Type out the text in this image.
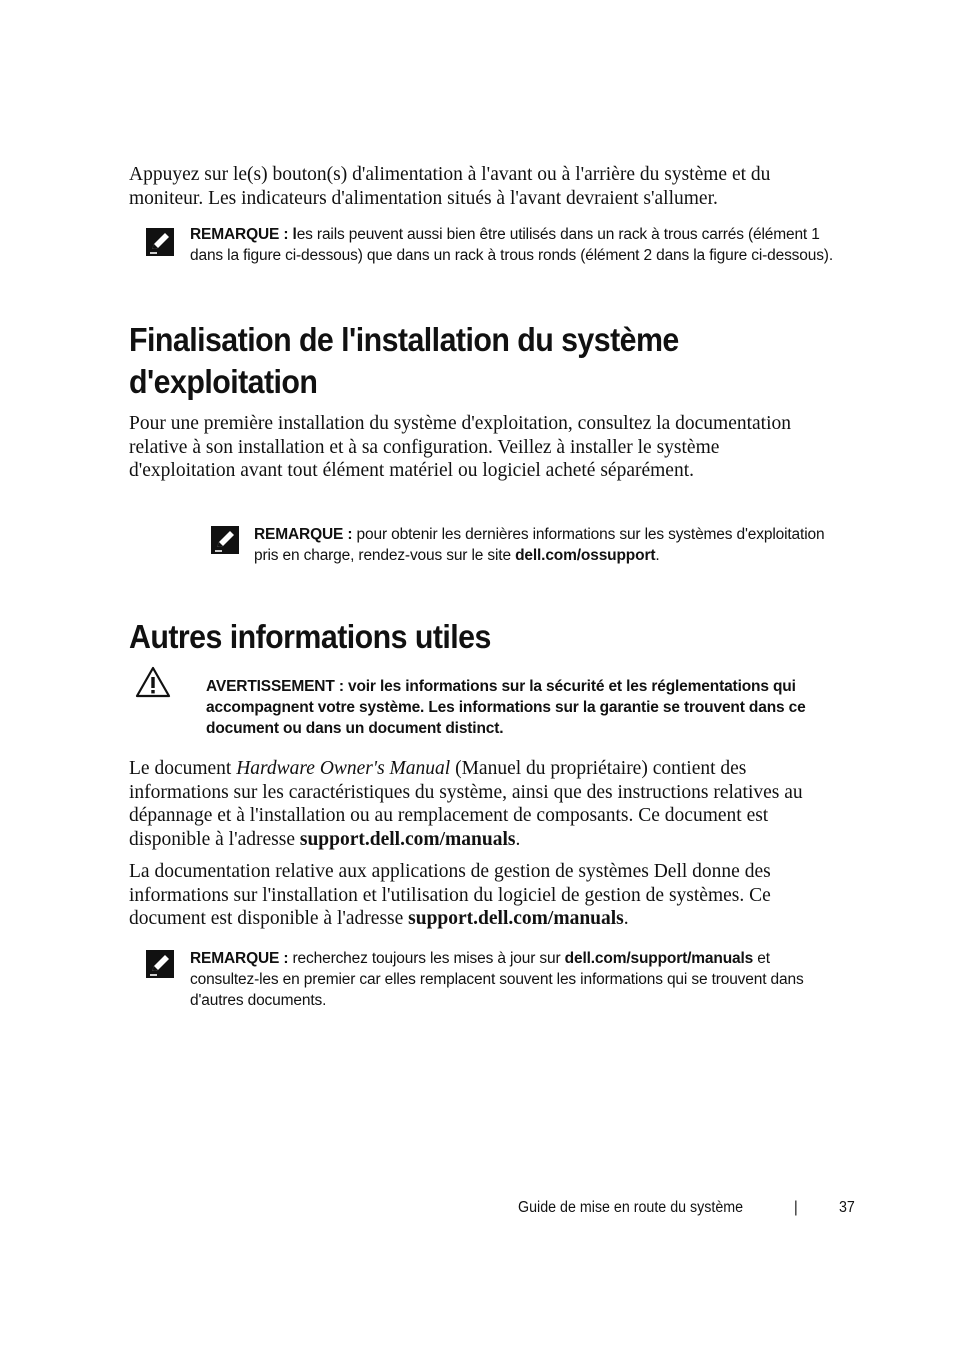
Appuyez sur le(s) bouton(s) d'alimentation à l'avant ou à l'arrière du système et du moniteur. Les indicateurs d'alimentation situés à l'avant devraient s'allumer.

REMARQUE : les rails peuvent aussi bien être utilisés dans un rack à trous carrés (élément 1 dans la figure ci-dessous) que dans un rack à trous ronds (élément 2 dans la figure ci-dessous).
Finalisation de l'installation du système
d'exploitation

Pour une première installation du système d'exploitation, consultez la documentation relative à son installation et à sa configuration. Veillez à installer le système d'exploitation avant tout élément matériel ou logiciel acheté séparément.

REMARQUE : pour obtenir les dernières informations sur les systèmes d'exploitation pris en charge, rendez-vous sur le site dell.com/ossupport.
Autres informations utiles
AVERTISSEMENT : voir les informations sur la sécurité et les réglementations qui accompagnent votre système. Les informations sur la garantie se trouvent dans ce document ou dans un document distinct.

Le document Hardware Owner's Manual (Manuel du propriétaire) contient des informations sur les caractéristiques du système, ainsi que des instructions relatives au dépannage et à l'installation ou au remplacement de composants. Ce document est disponible à l'adresse support.dell.com/manuals.

La documentation relative aux applications de gestion de systèmes Dell donne des informations sur l'installation et l'utilisation du logiciel de gestion de systèmes. Ce document est disponible à l'adresse support.dell.com/manuals.

REMARQUE : recherchez toujours les mises à jour sur dell.com/support/manuals et consultez-les en premier car elles remplacent souvent les informations qui se trouvent dans d'autres documents.
Guide de mise en route du système	|	37
